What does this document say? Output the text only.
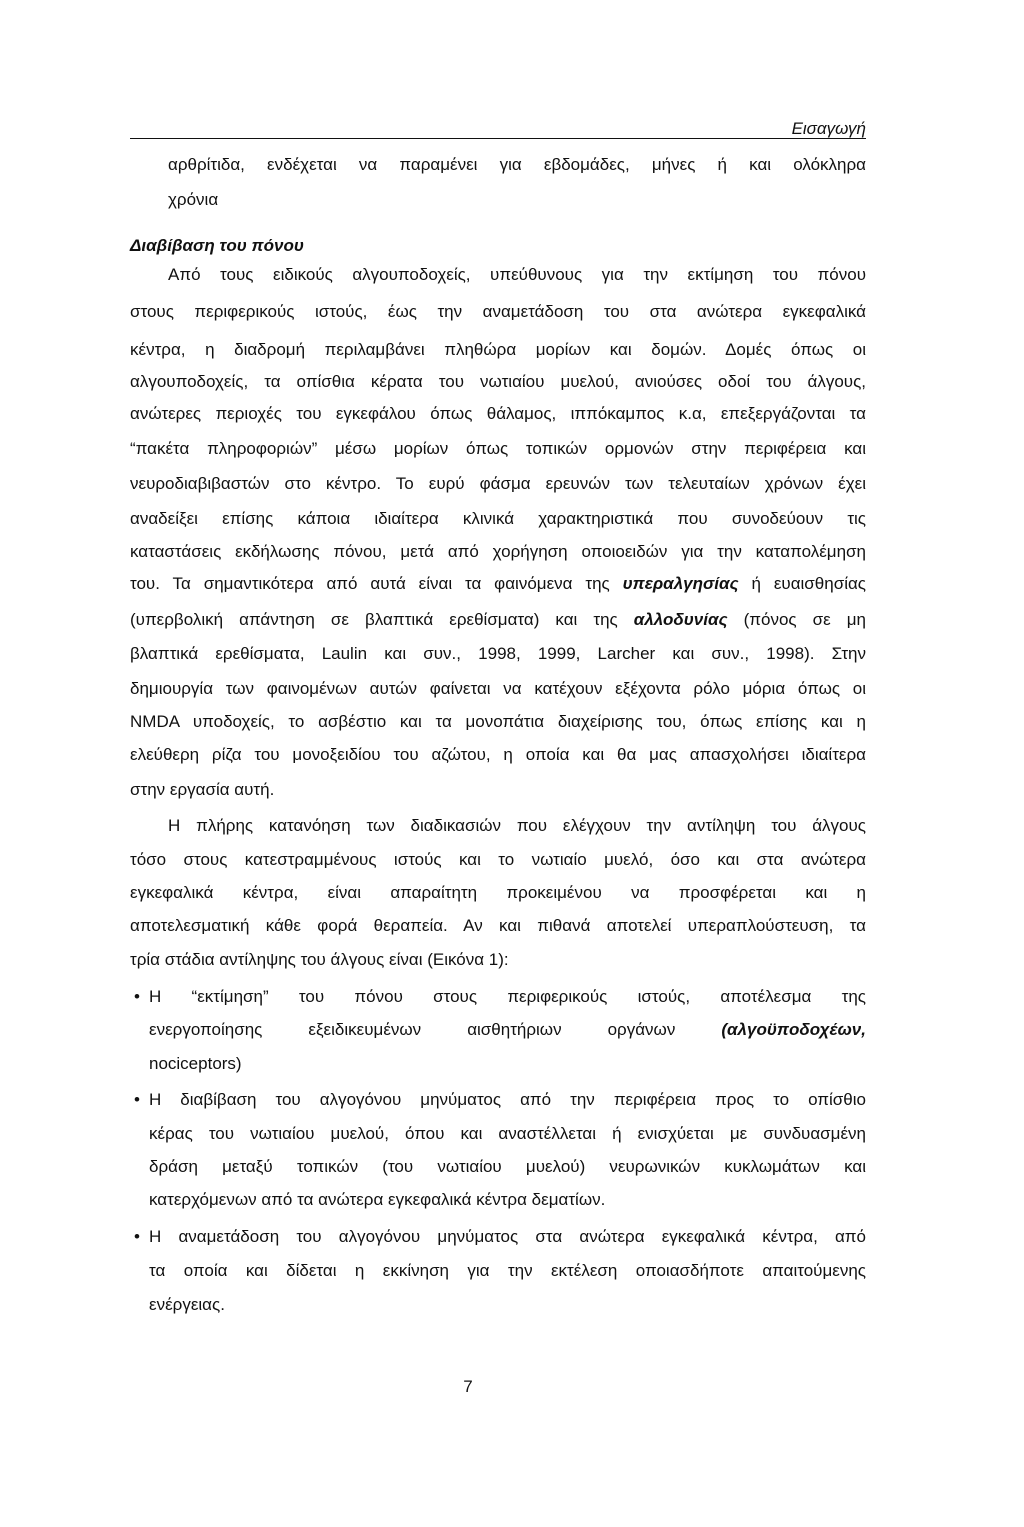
Εισαγωγή
αρθρίτιδα, ενδέχεται να παραμένει για εβδομάδες, μήνες ή και ολόκληρα
χρόνια
Διαβίβαση του πόνου
Από τους ειδικούς αλγουποδοχείς, υπεύθυνους για την εκτίμηση του πόνου
στους περιφερικούς ιστούς, έως την αναμετάδοση του στα ανώτερα εγκεφαλικά
κέντρα, η διαδρομή περιλαμβάνει πληθώρα μορίων και δομών. Δομές όπως οι
αλγουποδοχείς, τα οπίσθια κέρατα του νωτιαίου μυελού, ανιούσες οδοί του άλγους,
ανώτερες περιοχές του εγκεφάλου όπως θάλαμος, ιππόκαμπος κ.α, επεξεργάζονται τα
“πακέτα πληροφοριών” μέσω μορίων όπως τοπικών ορμονών στην περιφέρεια και
νευροδιαβιβαστών στο κέντρο. Το ευρύ φάσμα ερευνών των τελευταίων χρόνων έχει
αναδείξει επίσης κάποια ιδιαίτερα κλινικά χαρακτηριστικά που συνοδεύουν τις
καταστάσεις εκδήλωσης πόνου, μετά από χορήγηση οποιοειδών για την καταπολέμηση
του. Τα σημαντικότερα από αυτά είναι τα φαινόμενα της υπεραλγησίας ή ευαισθησίας
(υπερβολική απάντηση σε βλαπτικά ερεθίσματα) και της αλλοδυνίας (πόνος σε μη
βλαπτικά ερεθίσματα, Laulin και συν., 1998, 1999, Larcher και συν., 1998). Στην
δημιουργία των φαινομένων αυτών φαίνεται να κατέχουν εξέχοντα ρόλο μόρια όπως οι
NMDA υποδοχείς, το ασβέστιο και τα μονοπάτια διαχείρισης του, όπως επίσης και η
ελεύθερη ρίζα του μονοξειδίου του αζώτου, η οποία και θα μας απασχολήσει ιδιαίτερα
στην εργασία αυτή.
Η πλήρης κατανόηση των διαδικασιών που ελέγχουν την αντίληψη του άλγους
τόσο στους κατεστραμμένους ιστούς και το νωτιαίο μυελό, όσο και στα ανώτερα
εγκεφαλικά κέντρα, είναι απαραίτητη προκειμένου να προσφέρεται και η
αποτελεσματική κάθε φορά θεραπεία. Αν και πιθανά αποτελεί υπεραπλούστευση, τα
τρία στάδια αντίληψης του άλγους είναι (Εικόνα 1):
• Η “εκτίμηση” του πόνου στους περιφερικούς ιστούς, αποτέλεσμα της
ενεργοποίησης εξειδικευμένων αισθητήριων οργάνων (αλγοϋποδοχέων,
nociceptors)
• Η διαβίβαση του αλγογόνου μηνύματος από την περιφέρεια προς το οπίσθιο
κέρας του νωτιαίου μυελού, όπου και αναστέλλεται ή ενισχύεται με συνδυασμένη
δράση μεταξύ τοπικών (του νωτιαίου μυελού) νευρωνικών κυκλωμάτων και
κατερχόμενων από τα ανώτερα εγκεφαλικά κέντρα δεματίων.
• Η αναμετάδοση του αλγογόνου μηνύματος στα ανώτερα εγκεφαλικά κέντρα, από
τα οποία και δίδεται η εκκίνηση για την εκτέλεση οποιασδήποτε απαιτούμενης
ενέργειας.
7
